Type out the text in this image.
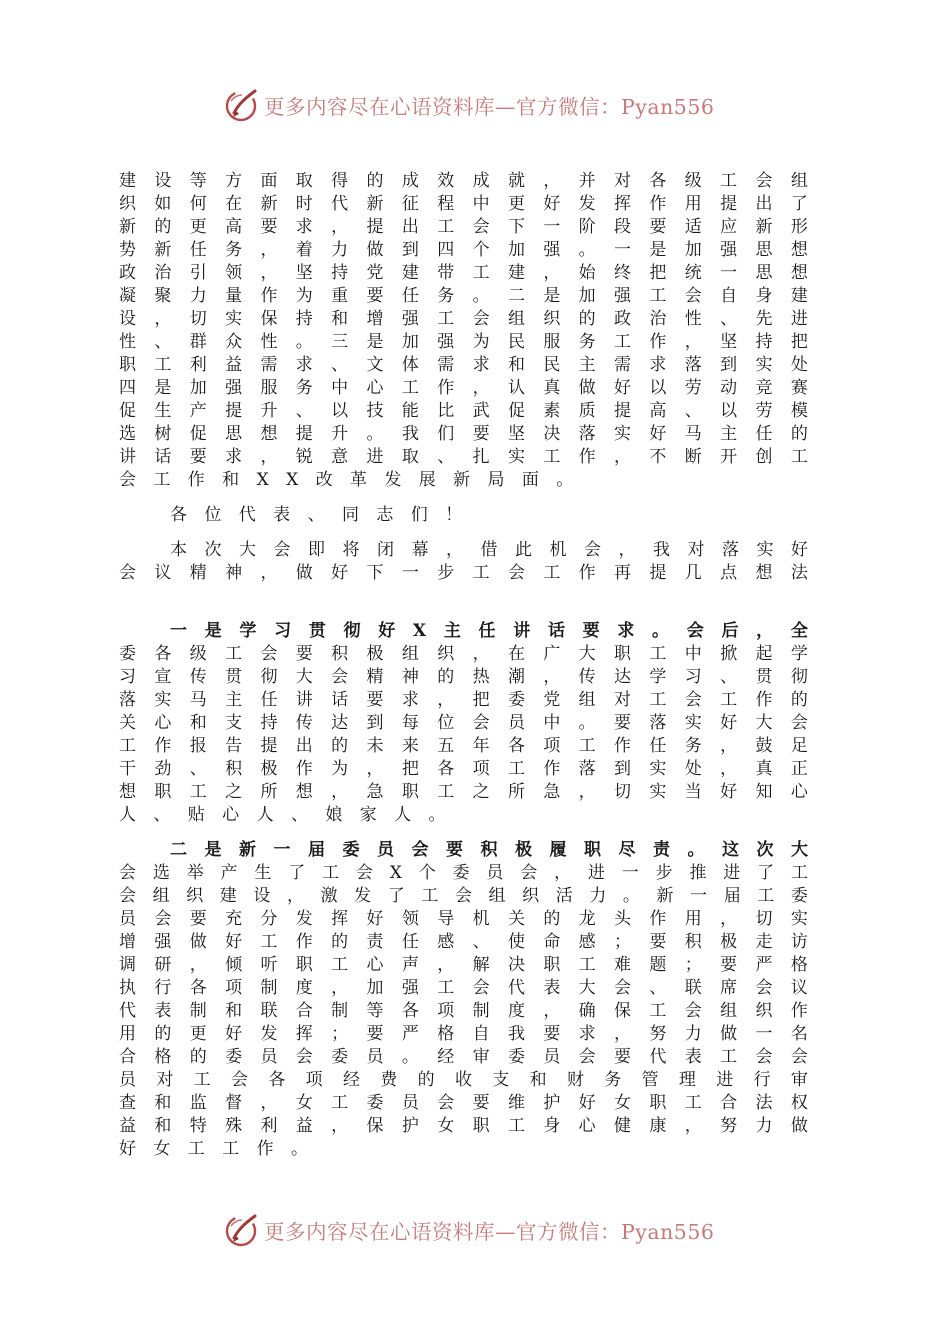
更多内容尽在心语资料库—官方微信：Pyan556
建 设 等 方 面 取 得 的 成 效 成 就 ， 并 对 各 级 工 会 组
织 如 何 在 新 时 代 新 征 程 中 更 好 发 挥 作 用 提 出 了
新 的 更 高 要 求 ， 提 出 工 会 下 一 阶 段 要 适 应 新 形
势 新 任 务 ， 着 力 做 到 四 个 加 强 。 一 是 加 强 思 想
政 治 引 领 ， 坚 持 党 建 带 工 建 ， 始 终 把 统 一 思 想
凝 聚 力 量 作 为 重 要 任 务 。 二 是 加 强 工 会 自 身 建
设 ， 切 实 保 持 和 增 强 工 会 组 织 的 政 治 性 、 先 进
性 、 群 众 性 。 三 是 加 强 为 民 服 务 工 作 ， 坚 持 把
职 工 利 益 需 求 、 文 体 需 求 和 民 主 需 求 落 到 实 处
四 是 加 强 服 务 中 心 工 作 ， 认 真 做 好 以 劳 动 竞 赛
促 生 产 提 升 、 以 技 能 比 武 促 素 质 提 高 、 以 劳 模
选 树 促 思 想 提 升 。 我 们 要 坚 决 落 实 好 马 主 任 的
讲 话 要 求 ， 锐 意 进 取 、 扎 实 工 作 ， 不 断 开 创 工
会 工 作 和 X X 改 革 发 展 新 局 面 。
各 位 代 表 、 同 志 们 ！
本 次 大 会 即 将 闭 幕 ， 借 此 机 会 ， 我 对 落 实 好
会 议 精 神 ， 做 好 下 一 步 工 会 工 作 再 提 几 点 想 法
一 是 学 习 贯 彻 好 X 主 任 讲 话 要 求 。 会 后 ， 全
委 各 级 工 会 要 积 极 组 织 ， 在 广 大 职 工 中 掀 起 学
习 宣 传 贯 彻 大 会 精 神 的 热 潮 ， 传 达 学 习 、 贯 彻
落 实 马 主 任 讲 话 要 求 ， 把 委 党 组 对 工 会 工 作 的
关 心 和 支 持 传 达 到 每 位 会 员 中 。 要 落 实 好 大 会
工 作 报 告 提 出 的 未 来 五 年 各 项 工 作 任 务 ， 鼓 足
干 劲 、 积 极 作 为 ， 把 各 项 工 作 落 到 实 处 ， 真 正
想 职 工 之 所 想 ， 急 职 工 之 所 急 ， 切 实 当 好 知 心
人 、 贴 心 人 、 娘 家 人 。
二 是 新 一 届 委 员 会 要 积 极 履 职 尽 责 。 这 次 大
会 选 举 产 生 了 工 会 X 个 委 员 会 ， 进 一 步 推 进 了 工
会 组 织 建 设 ， 激 发 了 工 会 组 织 活 力 。 新 一 届 工 委
员 会 要 充 分 发 挥 好 领 导 机 关 的 龙 头 作 用 ， 切 实
增 强 做 好 工 作 的 责 任 感 、 使 命 感 ； 要 积 极 走 访
调 研 ， 倾 听 职 工 心 声 ， 解 决 职 工 难 题 ； 要 严 格
执 行 各 项 制 度 ， 加 强 工 会 代 表 大 会 、 联 席 会 议
代 表 制 和 联 合 制 等 各 项 制 度 ， 确 保 工 会 组 织 作
用 的 更 好 发 挥 ； 要 严 格 自 我 要 求 ， 努 力 做 一 名
合 格 的 委 员 会 委 员 。 经 审 委 员 会 要 代 表 工 会 会
员 对 工 会 各 项 经 费 的 收 支 和 财 务 管 理 进 行 审
查 和 监 督 ， 女 工 委 员 会 要 维 护 好 女 职 工 合 法 权
益 和 特 殊 利 益 ， 保 护 女 职 工 身 心 健 康 ， 努 力 做
好 女 工 工 作 。
更多内容尽在心语资料库—官方微信：Pyan556
